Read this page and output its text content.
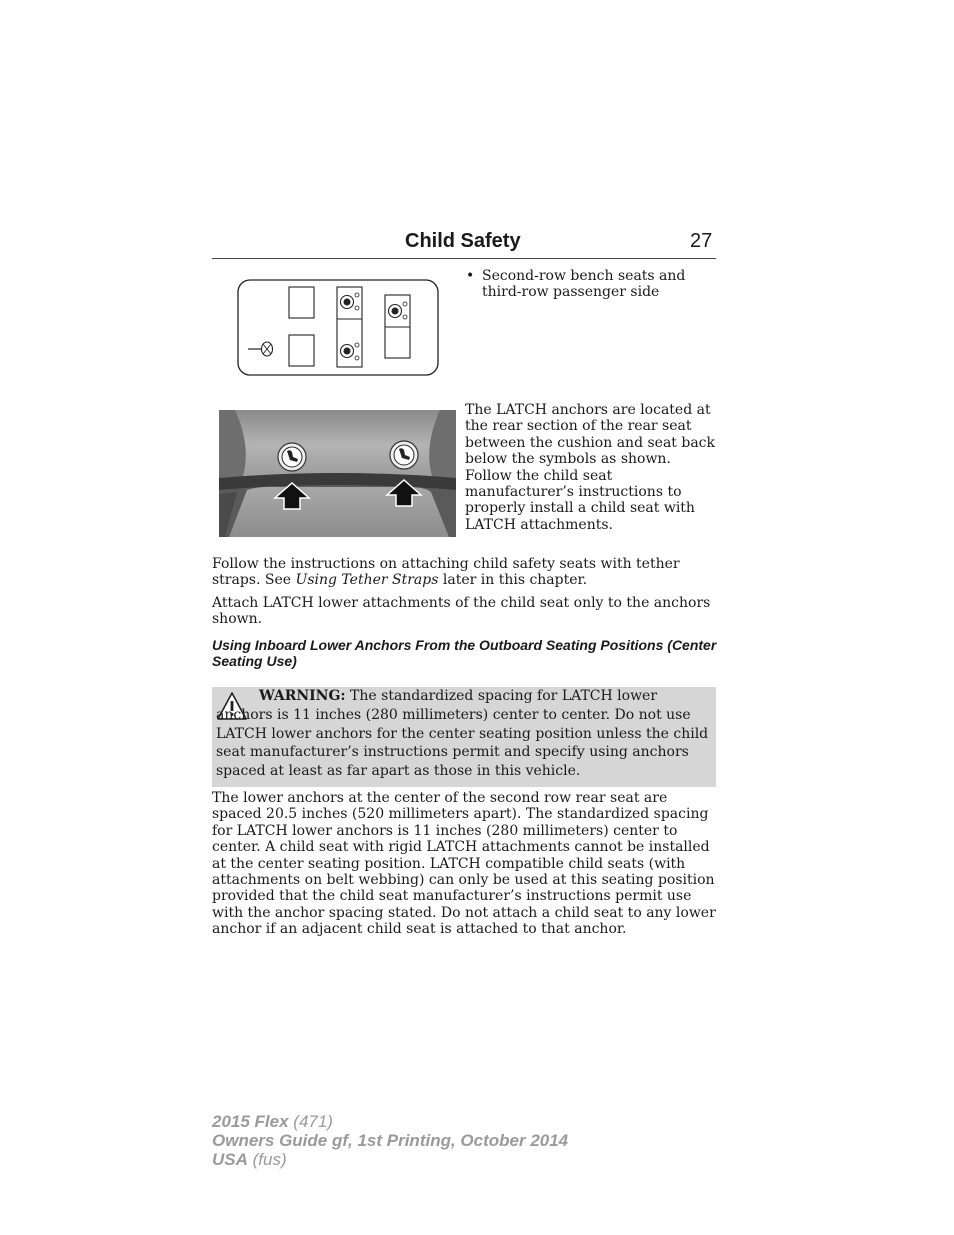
Child Safety	27
• Second-row bench seats and third-row passenger side
The LATCH anchors are located at the rear section of the rear seat between the cushion and seat back below the symbols as shown. Follow the child seat manufacturer’s instructions to properly install a child seat with LATCH attachments.

Follow the instructions on attaching child safety seats with tether straps. See Using Tether Straps later in this chapter.

Attach LATCH lower attachments of the child seat only to the anchors shown.

Using Inboard Lower Anchors From the Outboard Seating Positions (Center Seating Use)

WARNING: The standardized spacing for LATCH lower anchors is 11 inches (280 millimeters) center to center. Do not use LATCH lower anchors for the center seating position unless the child seat manufacturer’s instructions permit and specify using anchors spaced at least as far apart as those in this vehicle.

The lower anchors at the center of the second row rear seat are spaced 20.5 inches (520 millimeters apart). The standardized spacing for LATCH lower anchors is 11 inches (280 millimeters) center to center. A child seat with rigid LATCH attachments cannot be installed at the center seating position. LATCH compatible child seats (with attachments on belt webbing) can only be used at this seating position provided that the child seat manufacturer’s instructions permit use with the anchor spacing stated. Do not attach a child seat to any lower anchor if an adjacent child seat is attached to that anchor.

2015 Flex (471)
Owners Guide gf, 1st Printing, October 2014
USA (fus)
